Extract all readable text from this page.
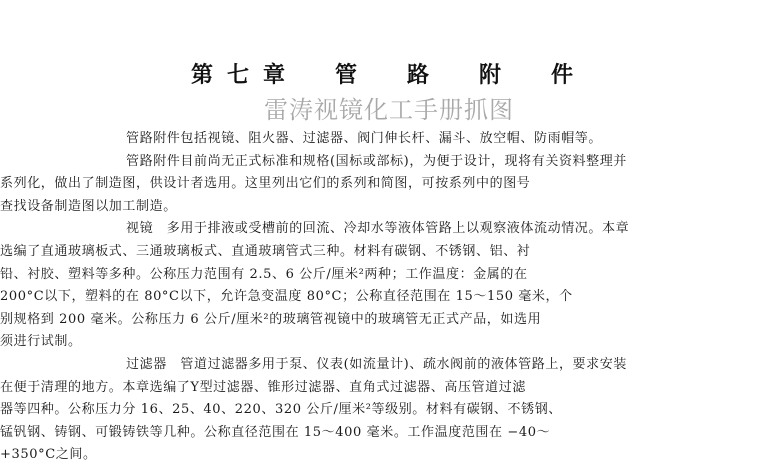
第七章　管　路　附　件
雷涛视镜化工手册抓图

管路附件包括视镜、阻火器、过滤器、阀门伸长杆、漏斗、放空帽、防雨帽等。

管路附件目前尚无正式标准和规格(国标或部标)，为便于设计，现将有关资料整理并
系列化，做出了制造图，供设计者选用。这里列出它们的系列和简图，可按系列中的图号
查找设备制造图以加工制造。

视镜　多用于排液或受槽前的回流、冷却水等液体管路上以观察液体流动情况。本章
选编了直通玻璃板式、三通玻璃板式、直通玻璃管式三种。材料有碳钢、不锈钢、铝、衬
铅、衬胶、塑料等多种。公称压力范围有 2.5、6 公斤/厘米²两种；工作温度：金属的在
200°C以下，塑料的在 80°C以下，允许急变温度 80°C；公称直径范围在 15～150 毫米，个
别规格到 200 毫米。公称压力 6 公斤/厘米²的玻璃管视镜中的玻璃管无正式产品，如选用
须进行试制。

过滤器　管道过滤器多用于泵、仪表(如流量计)、疏水阀前的液体管路上，要求安装
在便于清理的地方。本章选编了Y型过滤器、锥形过滤器、直角式过滤器、高压管道过滤
器等四种。公称压力分 16、25、40、220、320 公斤/厘米²等级别。材料有碳钢、不锈钢、
锰钒钢、铸钢、可锻铸铁等几种。公称直径范围在 15～400 毫米。工作温度范围在 −40～
+350°C之间。
